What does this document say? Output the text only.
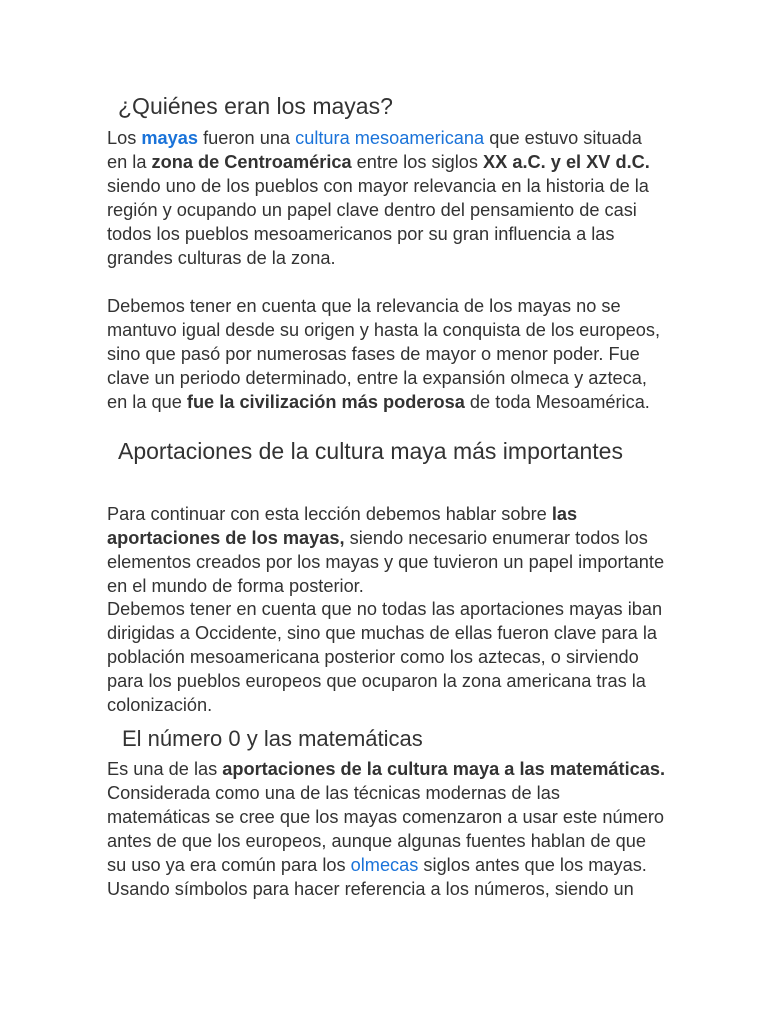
¿Quiénes eran los mayas?
Los mayas fueron una cultura mesoamericana que estuvo situada en la zona de Centroamérica entre los siglos XX a.C. y el XV d.C. siendo uno de los pueblos con mayor relevancia en la historia de la región y ocupando un papel clave dentro del pensamiento de casi todos los pueblos mesoamericanos por su gran influencia a las grandes culturas de la zona.
Debemos tener en cuenta que la relevancia de los mayas no se mantuvo igual desde su origen y hasta la conquista de los europeos, sino que pasó por numerosas fases de mayor o menor poder. Fue clave un periodo determinado, entre la expansión olmeca y azteca, en la que fue la civilización más poderosa de toda Mesoamérica.
Aportaciones de la cultura maya más importantes
Para continuar con esta lección debemos hablar sobre las aportaciones de los mayas, siendo necesario enumerar todos los elementos creados por los mayas y que tuvieron un papel importante en el mundo de forma posterior.
Debemos tener en cuenta que no todas las aportaciones mayas iban dirigidas a Occidente, sino que muchas de ellas fueron clave para la población mesoamericana posterior como los aztecas, o sirviendo para los pueblos europeos que ocuparon la zona americana tras la colonización.
El número 0 y las matemáticas
Es una de las aportaciones de la cultura maya a las matemáticas. Considerada como una de las técnicas modernas de las matemáticas se cree que los mayas comenzaron a usar este número antes de que los europeos, aunque algunas fuentes hablan de que su uso ya era común para los olmecas siglos antes que los mayas. Usando símbolos para hacer referencia a los números, siendo un
